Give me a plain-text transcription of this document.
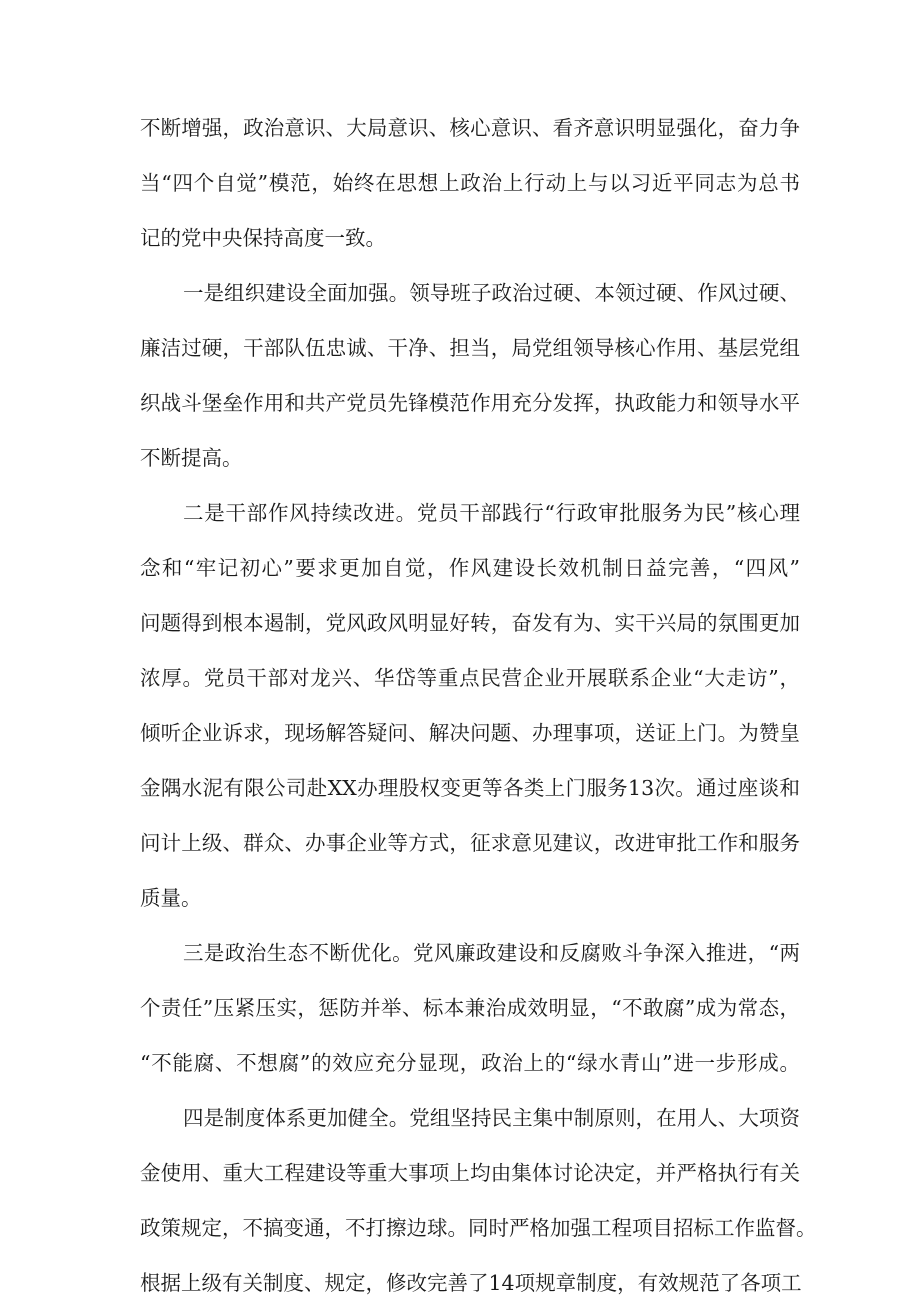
不断增强，政治意识、大局意识、核心意识、看齐意识明显强化，奋力争
当“四个自觉”模范，始终在思想上政治上行动上与以习近平同志为总书
记的党中央保持高度一致。
一是组织建设全面加强。领导班子政治过硬、本领过硬、作风过硬、
廉洁过硬，干部队伍忠诚、干净、担当，局党组领导核心作用、基层党组
织战斗堡垒作用和共产党员先锋模范作用充分发挥，执政能力和领导水平
不断提高。
二是干部作风持续改进。党员干部践行“行政审批服务为民”核心理
念和“牢记初心”要求更加自觉，作风建设长效机制日益完善，“四风”
问题得到根本遏制，党风政风明显好转，奋发有为、实干兴局的氛围更加
浓厚。党员干部对龙兴、华岱等重点民营企业开展联系企业“大走访”，
倾听企业诉求，现场解答疑问、解决问题、办理事项，送证上门。为赞皇
金隅水泥有限公司赴XX办理股权变更等各类上门服务13次。通过座谈和
问计上级、群众、办事企业等方式，征求意见建议，改进审批工作和服务
质量。
三是政治生态不断优化。党风廉政建设和反腐败斗争深入推进，“两
个责任”压紧压实，惩防并举、标本兼治成效明显，“不敢腐”成为常态，
“不能腐、不想腐”的效应充分显现，政治上的“绿水青山”进一步形成。
四是制度体系更加健全。党组坚持民主集中制原则，在用人、大项资
金使用、重大工程建设等重大事项上均由集体讨论决定，并严格执行有关
政策规定，不搞变通，不打擦边球。同时严格加强工程项目招标工作监督。
根据上级有关制度、规定，修改完善了14项规章制度，有效规范了各项工
